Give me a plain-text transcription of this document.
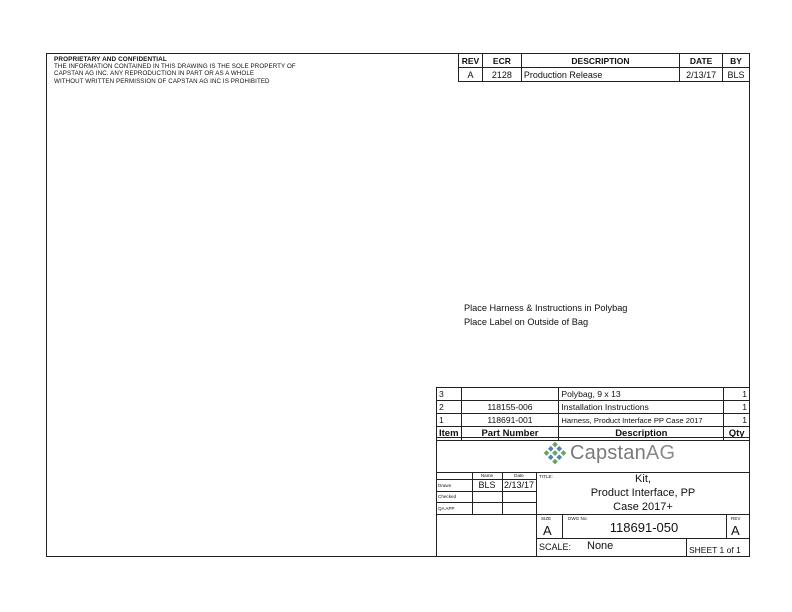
PROPRIETARY AND CONFIDENTIAL
THE INFORMATION CONTAINED IN THIS DRAWING IS THE SOLE PROPERTY OF
CAPSTAN AG INC. ANY REPRODUCTION IN PART OR AS A WHOLE
WITHOUT WRITTEN PERMISSION OF CAPSTAN AG INC IS PROHIBITED
REV	ECR	DESCRIPTION	DATE	BY
A	2128	Production Release	2/13/17	BLS
Place Harness & Instructions in Polybag
Place Label on Outside of Bag
3		Polybag, 9 x 13	1
2	118155-006	Installation Instructions	1
1	118691-001	Harness, Product Interface PP Case 2017	1
Item	Part Number	Description	Qty
CapstanAG
Name	Date
Drawn	BLS 2/13/17
Checked
QA APP
TITLE:	Kit,
Product Interface, PP
Case 2017+
SIZE
A
DWG No:
118691-050
REV
A
SCALE: None	SHEET 1 of 1
